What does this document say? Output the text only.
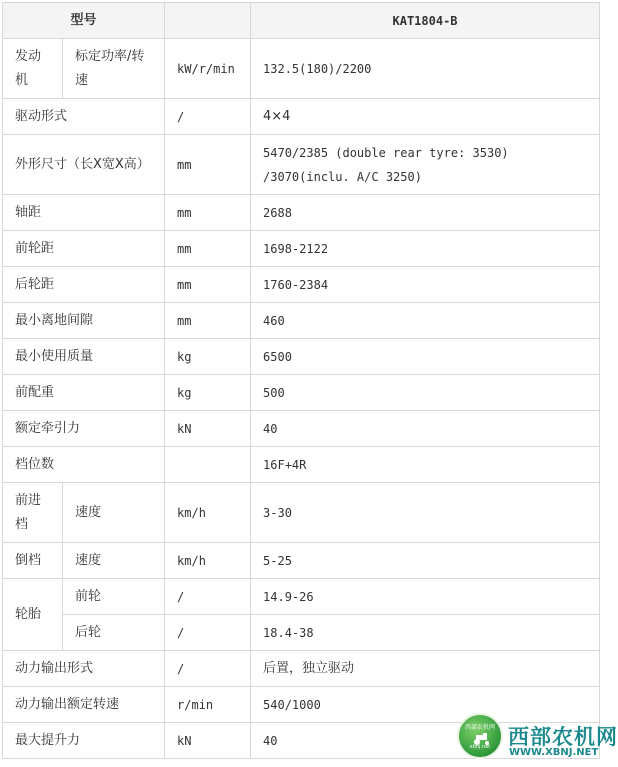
型号			KAT1804-B
发动机	标定功率/转速	kW/r/min	132.5(180)/2200
驱动形式		/	4×4
外形尺寸（长X宽X高）		mm	5470/2385 (double rear tyre: 3530) /3070(inclu. A/C 3250)
轴距		mm	2688
前轮距		mm	1698-2122
后轮距		mm	1760-2384
最小离地间隙		mm	460
最小使用质量		kg	6500
前配重		kg	500
额定牵引力		kN	40
档位数			16F+4R
前进档	速度	km/h	3-30
倒档	速度	km/h	5-25
轮胎	前轮	/	14.9-26
	后轮	/	18.4-38
动力输出形式		/	后置，独立驱动
动力输出额定转速		r/min	540/1000
最大提升力		kN	40
西部农机网
xbnj.net 西部农机网
WWW.XBNJ.NET
